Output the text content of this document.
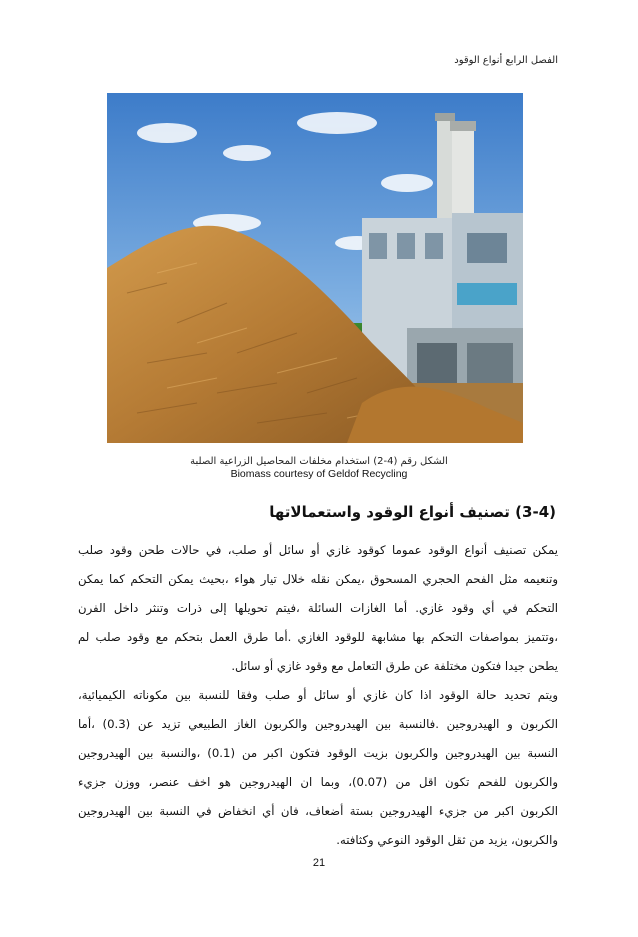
الفصل الرابع أنواع الوقود
الشكل رقم (4-2) استخدام مخلفات المحاصيل الزراعية الصلبة
Biomass courtesy of Geldof Recycling
(3-4) تصنيف أنواع الوقود واستعمالاتها
يمكن تصنيف أنواع الوقود عموما كوقود غازي أو سائل أو صلب، في حالات طحن وقود صلب
وتنعيمه مثل الفحم الحجري المسحوق ،يمكن نقله خلال تيار هواء ،بحيث يمكن التحكم كما يمكن
التحكم في أي وقود غازي. أما الغازات السائلة ،فيتم تحويلها إلى ذرات وتنثر داخل الفرن
،وتتميز بمواصفات التحكم بها مشابهة للوقود الغازي .أما طرق العمل بتحكم مع وقود صلب لم
يطحن جيدا فتكون مختلفة عن طرق التعامل مع وقود غازي أو سائل.
ويتم تحديد حالة الوقود اذا كان غازي أو سائل أو صلب وفقا للنسبة بين مكوناته الكيميائية،
الكربون و الهيدروجين .فالنسبة بين الهيدروجين والكربون الغاز الطبيعي تزيد عن (0.3) ،أما
النسبة بين الهيدروجين والكربون بزيت الوقود فتكون اكبر من (0.1) ،والنسبة بين الهيدروجين
والكربون للفحم تكون اقل من (0.07)، وبما ان الهيدروجين هو اخف عنصر، ووزن جزيء
الكربون اكبر من جزيء الهيدروجين بستة أضعاف، فان أي انخفاض في النسبة بين الهيدروجين
والكربون، يزيد من ثقل الوقود النوعي وكثافته.
21
